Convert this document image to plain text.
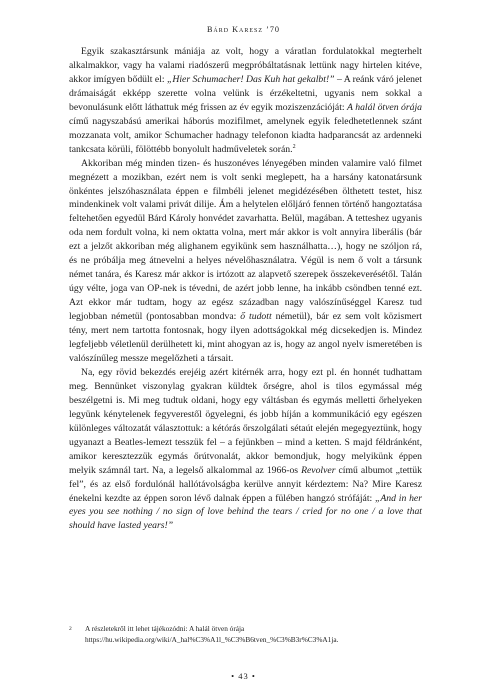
Bárd Karesz ’70

Egyik szakasztársunk mániája az volt, hogy a váratlan fordulatokkal megterhelt alkalmakkor, vagy ha valami riadószerű megpróbáltatásnak lettünk nagy hirtelen kitéve, akkor imígyen bődült el: „Hier Schumacher! Das Kuh hat gekalbt!” – A reánk váró jelenet drámaiságát ekképp szerette volna velünk is érzékeltetni, ugyanis nem sokkal a bevonulásunk előtt láthattuk még frissen az év egyik moziszenzációját: A halál ötven órája című nagyszabású amerikai háborús mozifilmet, amelynek egyik feledhetetlennek szánt mozzanata volt, amikor Schumacher hadnagy telefonon kiadta hadparancsát az ardenneki tankcsata körüli, fölöttébb bonyolult hadműveletek során.$^2$

Akkoriban még minden tizen- és huszonéves lényegében minden valamire való filmet megnézett a mozikban, ezért nem is volt senki meglepett, ha a harsány katonatársunk önkéntes jelszóhasználata éppen e filmbéli jelenet megidézésében ölthetett testet, hisz mindenkinek volt valami privát dilije. Ám a helytelen előljáró fennen történő hangoztatása feltehetően egyedül Bárd Károly honvédet zavarhatta. Belül, magában. A tetteshez ugyanis oda nem fordult volna, ki nem oktatta volna, mert már akkor is volt annyira liberális (bár ezt a jelzőt akkoriban még alighanem egyikünk sem használhatta…), hogy ne szóljon rá, és ne próbálja meg átnevelni a helyes névelőhasználatra. Végül is nem ő volt a társunk német tanára, és Karesz már akkor is irtózott az alapvető szerepek összekeverésétől. Talán úgy vélte, joga van OP-nek is tévedni, de azért jobb lenne, ha inkább csöndben tenné ezt. Azt ekkor már tudtam, hogy az egész században nagy valószínűséggel Karesz tud legjobban németül (pontosabban mondva: ő tudott németül), bár ez sem volt közismert tény, mert nem tartotta fontosnak, hogy ilyen adottságokkal még dicsekedjen is. Mindez legfeljebb véletlenül derülhetett ki, mint ahogyan az is, hogy az angol nyelv ismeretében is valószínűleg messze megelőzheti a társait.

Na, egy rövid bekezdés erejéig azért kitérnék arra, hogy ezt pl. én honnét tudhattam meg. Bennünket viszonylag gyakran küldtek őrségre, ahol is tilos egymással még beszélgetni is. Mi meg tudtuk oldani, hogy egy váltásban és egymás melletti őrhelyeken legyünk kénytelenek fegyverestől ögyelegni, és jobb híján a kommunikáció egy egészen különleges változatát választottuk: a kétórás őrszolgálati sétaút elején megegyeztünk, hogy ugyanazt a Beatles-lemezt tesszük fel – a fejünkben – mind a ketten. S majd féldránként, amikor keresztezzük egymás őrútvonalát, akkor bemondjuk, hogy melyikünk éppen melyik számnál tart. Na, a legelső alkalommal az 1966-os Revolver című albumot „tettük fel”, és az első fordulónál hallótávolságba kerülve annyit kérdeztem: Na? Mire Karesz énekelni kezdte az éppen soron lévő dalnak éppen a fülében hangzó strófáját: „And in her eyes you see nothing / no sign of love behind the tears / cried for no one / a love that should have lasted years!”

2 A részletekről itt lehet tájékozódni: A halál ötven órája https://hu.wikipedia.org/wiki/A_hal%C3%A1l_%C3%B6tven_%C3%B3r%C3%A1ja.
• 43 •
